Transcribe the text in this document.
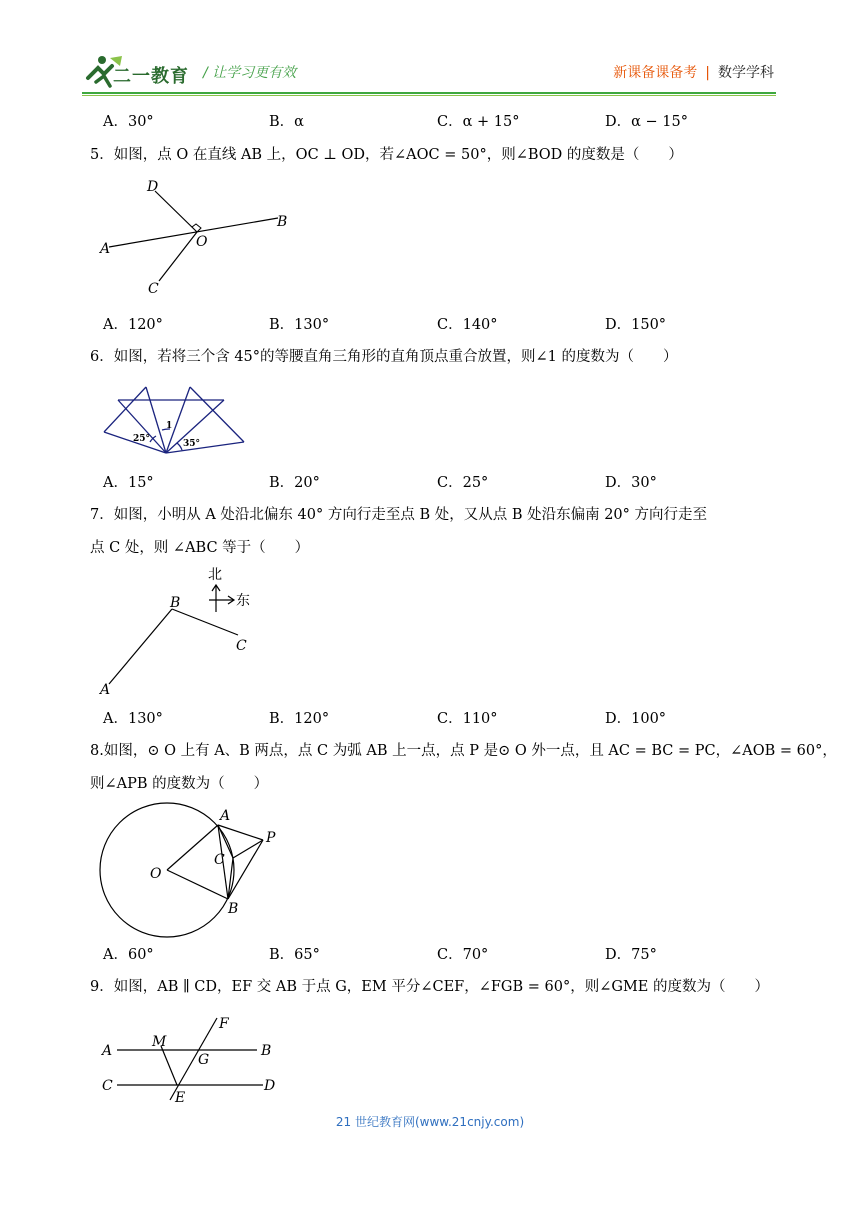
二一教育 / 让学习更有效	新课备课备考 | 数学学科
A．30°	B．α	C．α + 15°	D．α − 15°
5．如图，点 O 在直线 AB 上，OC ⊥ OD，若∠AOC = 50°，则∠BOD 的度数是（　　）
A
B
D
O
C
A．120°	B．130°	C．140°	D．150°
6．如图，若将三个含 45°的等腰直角三角形的直角顶点重合放置，则∠1 的度数为（　　）
25°
1
35°
A．15°	B．20°	C．25°	D．30°
7．如图，小明从 A 处沿北偏东 40° 方向行走至点 B 处，又从点 B 处沿东偏南 20° 方向行走至
点 C 处，则 ∠ABC 等于（　　）
北
东
A
B
C
A．130°	B．120°	C．110°	D．100°
8.如图，⊙ O 上有 A、B 两点，点 C 为弧 AB 上一点，点 P 是⊙ O 外一点，且 AC = BC = PC，∠AOB = 60°，
则∠APB 的度数为（　　）
A
P
C
O
B
A．60°	B．65°	C．70°	D．75°
9．如图，AB ∥ CD，EF 交 AB 于点 G，EM 平分∠CEF，∠FGB = 60°，则∠GME 的度数为（　　）
A
M
F
G
B
C
E
D
21 世纪教育网(www.21cnjy.com)
